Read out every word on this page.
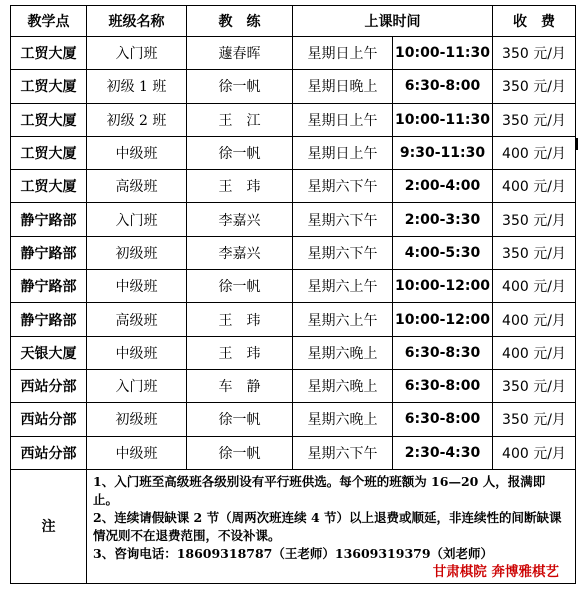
教学点	班级名称	教　练	上课时间		收　费
工贸大厦	入门班	蘧春晖	星期日上午	10:00-11:30	350 元/月
工贸大厦	初级 1 班	徐一帆	星期日晚上	6:30-8:00	350 元/月
工贸大厦	初级 2 班	王　江	星期日上午	10:00-11:30	350 元/月
工贸大厦	中级班	徐一帆	星期日上午	9:30-11:30	400 元/月
工贸大厦	高级班	王　玮	星期六下午	2:00-4:00	400 元/月
静宁路部	入门班	李嘉兴	星期六下午	2:00-3:30	350 元/月
静宁路部	初级班	李嘉兴	星期六下午	4:00-5:30	350 元/月
静宁路部	中级班	徐一帆	星期六上午	10:00-12:00	400 元/月
静宁路部	高级班	王　玮	星期六上午	10:00-12:00	400 元/月
天银大厦	中级班	王　玮	星期六晚上	6:30-8:30	400 元/月
西站分部	入门班	车　静	星期六晚上	6:30-8:00	350 元/月
西站分部	初级班	徐一帆	星期六晚上	6:30-8:00	350 元/月
西站分部	中级班	徐一帆	星期六下午	2:30-4:30	400 元/月
注	1、入门班至高级班各级别设有平行班供选。每个班的班额为 16—20 人，报满即止。
2、连续请假缺课 2 节（周两次班连续 4 节）以上退费或顺延，非连续性的间断缺课情况则不在退费范围，不设补课。
3、咨询电话：18609318787（王老师）13609319379（刘老师）
甘肃棋院 奔博雅棋艺				
